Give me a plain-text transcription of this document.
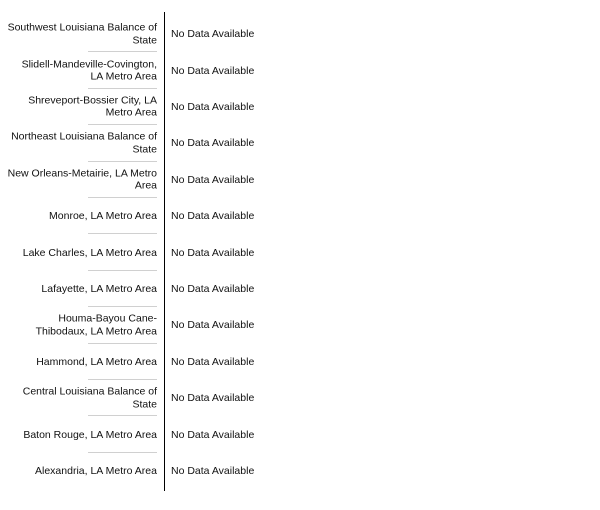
Southwest Louisiana Balance of State No Data Available
Slidell-Mandeville-Covington, LA Metro Area No Data Available
Shreveport-Bossier City, LA Metro Area No Data Available
Northeast Louisiana Balance of State No Data Available
New Orleans-Metairie, LA Metro Area No Data Available
Monroe, LA Metro Area No Data Available
Lake Charles, LA Metro Area No Data Available
Lafayette, LA Metro Area No Data Available
Houma-Bayou Cane-Thibodaux, LA Metro Area No Data Available
Hammond, LA Metro Area No Data Available
Central Louisiana Balance of State No Data Available
Baton Rouge, LA Metro Area No Data Available
Alexandria, LA Metro Area No Data Available
